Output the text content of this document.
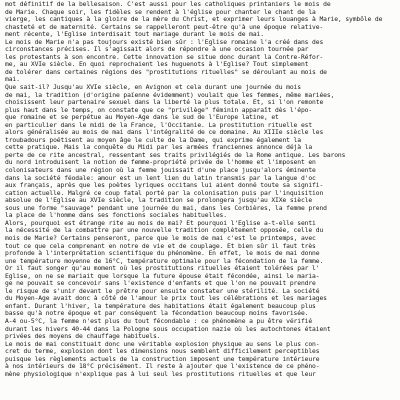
mot définitif de la bellesaison. C'est aussi pour les catholiques printaniers le mois de
de Marie. Chaque soir, les fidèles se rendent à l'église pour chanter le chant de la
vierge, les cantiques à la gloire de la mère du Christ, et exprimer leurs louanges à Marie, symbôle de
chasteté et de maternité. Certains se rappelleront peut-être qu'à une époque relative-
ment récente, l'Eglise interdisait tout mariage durant le mois de mai.
Le mois de Marie n'a pas toujours existé bien sûr : l'Eglise romaine l'a créé dans des
circonstances précises. Il s'agissait alors de répondre à une occasion tournée par
les protestants à son encontre. Cette innovation se situe donc durant la Contre-Réfor-
me, au XVIe siècle. En quoi reprochaient les huguenots à l'Eglise? Tout simplement
de tolérer dans certaines régions des "prostitutions rituelles" se déroulant au mois de
mai.
Que sait-il? Jusqu'au XVIe siècle, en Avignon et cela durant une journée du mois
de mai, la tradition (d'origine païenne évidemment) voulait que les femmes, même mariées,
choisissent leur partenaire sexuel dans la liberté la plus totale. Et, si l'on remonte
plus haut dans le temps, on constate que ce "privilège" féminin apparaît dès l'épo-
que romaine et se perpétue au Moyen-Age dans le sud de l'Europe latine, et
en particulier dans le midi de la France, l'Occitanie. La prostitution rituelle est
alors généralisée au mois de mai dans l'intégralité de ce domaine. Au XIIIe siècle les
troubadours poétisent au moyen âge le culte de la Dame, qui exprime également la
cette pratique. Mais la conquête du Midi par les armées franciennes annonce déjà la
perte de ce rite ancestral, ressentant ses traits privilégiés de la Rome antique. Les barons
du nord introduisent la notion de femme-propriété privée de l'homme et l'imposent en
colonisateurs dans une région où la femme jouissait d'une place jusqu'alors éminente
dans la société féodale: amour est un lent lien du latin transmis par la langue d'oc
aux français, après que les poètes lyriques occitans lui aient donné toute sa signifi-
cation actuelle. Malgré ce coup fatal porté par la colonisation puis par l'inquisition
absolue de l'Eglise au XVIe siècle, la tradition se prolongera jusqu'au XIXe siècle
sous une forme "sauvage" pendant une journée du mai, dans les Corbières, la femme prend
la place de l'homme dans ses fonctions sociales habituelles.
Alors, pourquoi est étrange rite au mois de mai? Et pourquoi l'Eglise a-t-elle senti
la nécessité de la combattre par une nouvelle tradition complètement opposée, celle du
mois de Marie? Certains penseront, parce que le mois de mai c'est le printemps, avec
tout ce que cela comprenant en notre de vie et de couplage. Et bien sûr il faut très
profonde à l'interprétation scientifique du phénomène. En effet, le mois de mai donne
une température moyenne de 16°C, température optimale pour la fécondation de la femme.
Or il faut songer qu'au moment où les prostitutions rituelles étaient tolérées par l'
Eglise, on ne se mariait que lorsque la future épouse était fécondée, ainsi le maria-
ge ne pouvait se concevoir sans l'existence d'enfants et que l'on ne pouvait prendre
le risque de s'unir devant le prêtre pour ensuite constater une stérilité. La société
du Moyen-Age avait donc à côté de l'amour le prix tout les célébrations et les mariages
enfant. Durant l'hiver, la température des habitations était également beaucoup plus
basse qu'à notre époque et par conséquent la fécondation beaucoup moins favorisée.
A-4 ou-5°C, la femme n'est plus du tout fécondable : ce phénomène a pu être vérifié
durant les hivers 40-44 dans la Pologne sous occupation nazie où les autochtones étaient
privées des moyens de chauffage habituels.
Le mois de mai constituait donc une véritable explosion physique au sens le plus con-
cret du terme, explosion dont les dimensions nous semblent difficilement perceptibles
puisque les règlements actuels de la construction imposent une température intérieure
à nos intérieurs de 18°C précisément. Il reste à ajouter que l'existence de ce phéno-
mène physiologique n'explique pas à lui seul les prostitutions rituelles et que leur
